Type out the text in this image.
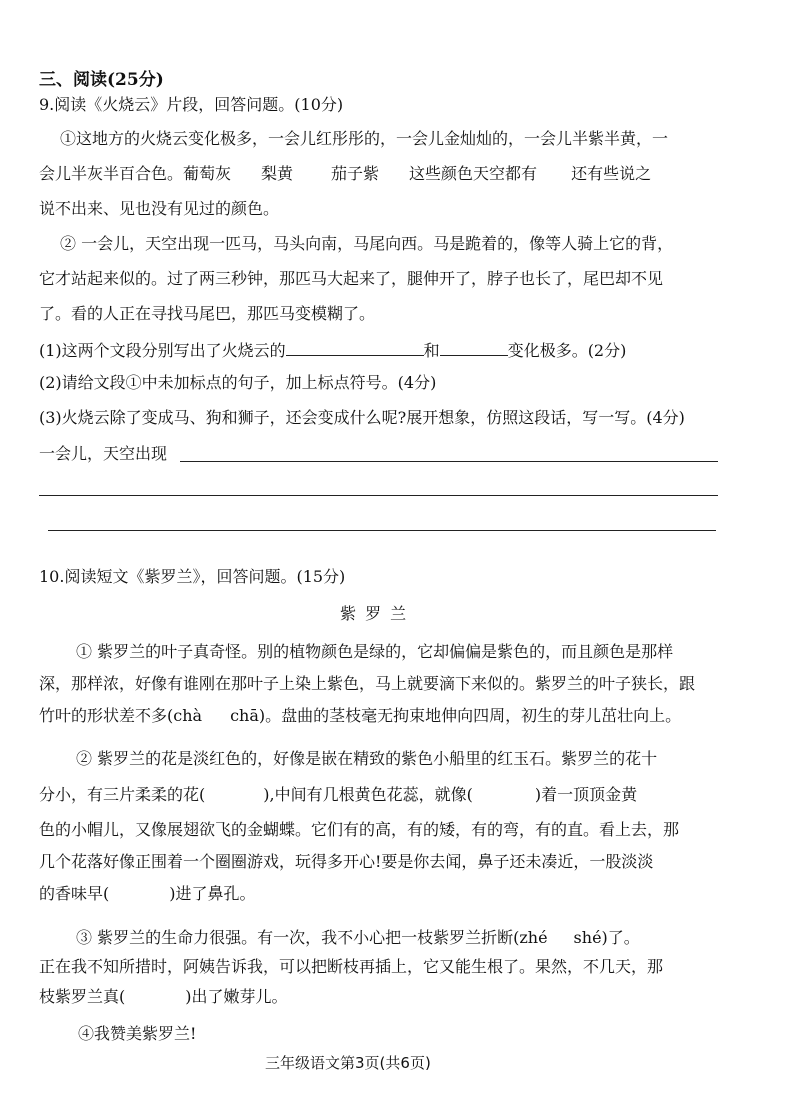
三、阅读(25分)
9.阅读《火烧云》片段，回答问题。(10分)
①这地方的火烧云变化极多，一会儿红彤彤的，一会儿金灿灿的，一会儿半紫半黄，一
会儿半灰半百合色。葡萄灰 梨黄 茄子紫 这些颜色天空都有 还有些说之
说不出来、见也没有见过的颜色。
② 一会儿，天空出现一匹马，马头向南，马尾向西。马是跪着的，像等人骑上它的背，
它才站起来似的。过了两三秒钟，那匹马大起来了，腿伸开了，脖子也长了，尾巴却不见
了。看的人正在寻找马尾巴，那匹马变模糊了。
(1)这两个文段分别写出了火烧云的	和	变化极多。(2分)
(2)请给文段①中未加标点的句子，加上标点符号。(4分)
(3)火烧云除了变成马、狗和狮子，还会变成什么呢?展开想象，仿照这段话，写一写。(4分)
一会儿，天空出现
10.阅读短文《紫罗兰》，回答问题。(15分)
紫 罗 兰
① 紫罗兰的叶子真奇怪。别的植物颜色是绿的，它却偏偏是紫色的，而且颜色是那样
深，那样浓，好像有谁刚在那叶子上染上紫色，马上就要滴下来似的。紫罗兰的叶子狭长，跟
竹叶的形状差不多(chà chā)。盘曲的茎枝毫无拘束地伸向四周，初生的芽儿茁壮向上。
② 紫罗兰的花是淡红色的，好像是嵌在精致的紫色小船里的红玉石。紫罗兰的花十
分小，有三片柔柔的花(	),中间有几根黄色花蕊，就像(	)着一顶顶金黄
色的小帽儿，又像展翅欲飞的金蝴蝶。它们有的高，有的矮，有的弯，有的直。看上去，那
几个花落好像正围着一个圈圈游戏，玩得多开心!要是你去闻，鼻子还未凑近，一股淡淡
的香味早(	)进了鼻孔。
③ 紫罗兰的生命力很强。有一次，我不小心把一枝紫罗兰折断(zhé shé)了。
正在我不知所措时，阿姨告诉我，可以把断枝再插上，它又能生根了。果然，不几天，那
枝紫罗兰真(	)出了嫩芽儿。
④我赞美紫罗兰!
三年级语文第3页(共6页)
